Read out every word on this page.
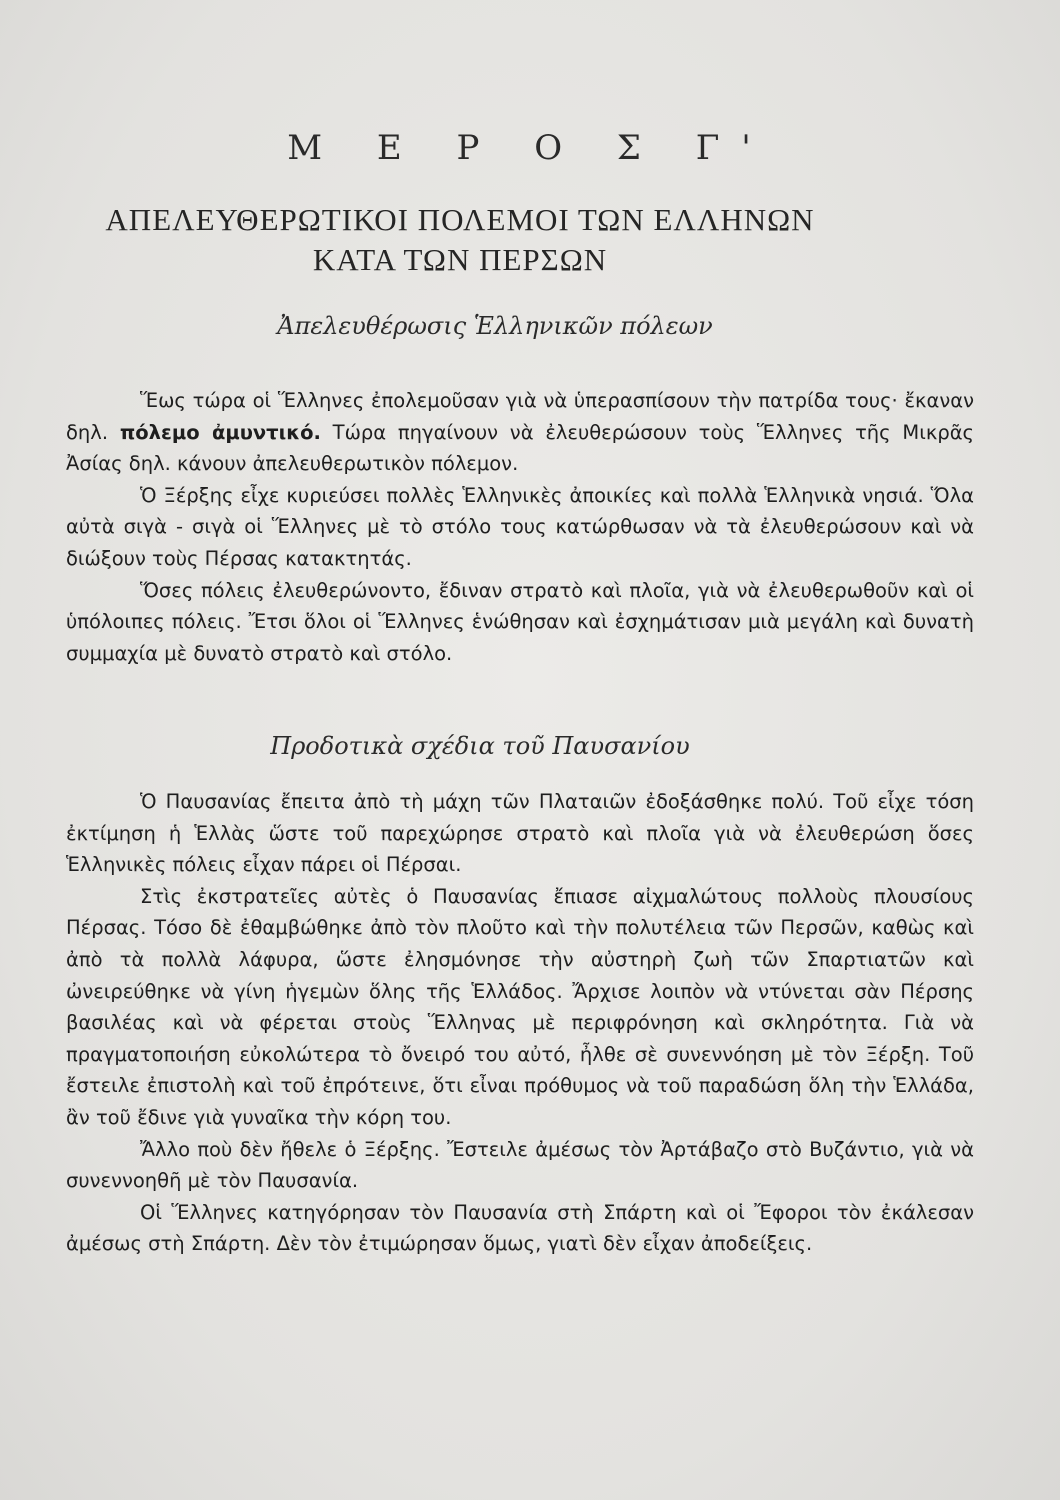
Μ Ε Ρ Ο Σ Γ'
ΑΠΕΛΕΥΘΕΡΩΤΙΚΟΙ ΠΟΛΕΜΟΙ ΤΩΝ ΕΛΛΗΝΩΝ
ΚΑΤΑ ΤΩΝ ΠΕΡΣΩΝ
Ἀπελευθέρωσις Ἑλληνικῶν πόλεων

Ἕως τώρα οἱ Ἕλληνες ἐπολεμοῦσαν γιὰ νὰ ὑπερασπίσουν τὴν πατρίδα τους· ἔκαναν δηλ. πόλεμο ἀμυντικό. Τώρα πηγαίνουν νὰ ἐλευθερώσουν τοὺς Ἕλληνες τῆς Μικρᾶς Ἀσίας δηλ. κάνουν ἀπελευθερωτικὸν πόλεμον.

Ὁ Ξέρξης εἶχε κυριεύσει πολλὲς Ἑλληνικὲς ἀποικίες καὶ πολλὰ Ἑλληνικὰ νησιά. Ὅλα αὐτὰ σιγὰ - σιγὰ οἱ Ἕλληνες μὲ τὸ στόλο τους κατώρθωσαν νὰ τὰ ἐλευθερώσουν καὶ νὰ διώξουν τοὺς Πέρσας κατακτητάς.

Ὅσες πόλεις ἐλευθερώνοντο, ἔδιναν στρατὸ καὶ πλοῖα, γιὰ νὰ ἐλευθερωθοῦν καὶ οἱ ὑπόλοιπες πόλεις. Ἔτσι ὅλοι οἱ Ἕλληνες ἑνώθησαν καὶ ἐσχημάτισαν μιὰ μεγάλη καὶ δυνατὴ συμμαχία μὲ δυνατὸ στρατὸ καὶ στόλο.

Προδοτικὰ σχέδια τοῦ Παυσανίου

Ὁ Παυσανίας ἔπειτα ἀπὸ τὴ μάχη τῶν Πλαταιῶν ἐδοξάσθηκε πολύ. Τοῦ εἶχε τόση ἐκτίμηση ἡ Ἑλλὰς ὥστε τοῦ παρεχώρησε στρατὸ καὶ πλοῖα γιὰ νὰ ἐλευθερώση ὅσες Ἑλληνικὲς πόλεις εἶχαν πάρει οἱ Πέρσαι.

Στὶς ἐκστρατεῖες αὐτὲς ὁ Παυσανίας ἔπιασε αἰχμαλώτους πολλοὺς πλουσίους Πέρσας. Τόσο δὲ ἐθαμβώθηκε ἀπὸ τὸν πλοῦτο καὶ τὴν πολυτέλεια τῶν Περσῶν, καθὼς καὶ ἀπὸ τὰ πολλὰ λάφυρα, ὥστε ἐλησμόνησε τὴν αὐστηρὴ ζωὴ τῶν Σπαρτιατῶν καὶ ὠνειρεύθηκε νὰ γίνη ἡγεμὼν ὅλης τῆς Ἑλλάδος. Ἄρχισε λοιπὸν νὰ ντύνεται σὰν Πέρσης βασιλέας καὶ νὰ φέρεται στοὺς Ἕλληνας μὲ περιφρόνηση καὶ σκληρότητα. Γιὰ νὰ πραγματοποιήση εὐκολώτερα τὸ ὄνειρό του αὐτό, ἦλθε σὲ συνεννόηση μὲ τὸν Ξέρξη. Τοῦ ἔστειλε ἐπιστολὴ καὶ τοῦ ἐπρότεινε, ὅτι εἶναι πρόθυμος νὰ τοῦ παραδώση ὅλη τὴν Ἑλλάδα, ἂν τοῦ ἔδινε γιὰ γυναῖκα τὴν κόρη του.

Ἄλλο ποὺ δὲν ἤθελε ὁ Ξέρξης. Ἔστειλε ἀμέσως τὸν Ἀρτάβαζο στὸ Βυζάντιο, γιὰ νὰ συνεννοηθῆ μὲ τὸν Παυσανία.

Οἱ Ἕλληνες κατηγόρησαν τὸν Παυσανία στὴ Σπάρτη καὶ οἱ Ἔφοροι τὸν ἐκάλεσαν ἀμέσως στὴ Σπάρτη. Δὲν τὸν ἐτιμώρησαν ὅμως, γιατὶ δὲν εἶχαν ἀποδείξεις.
